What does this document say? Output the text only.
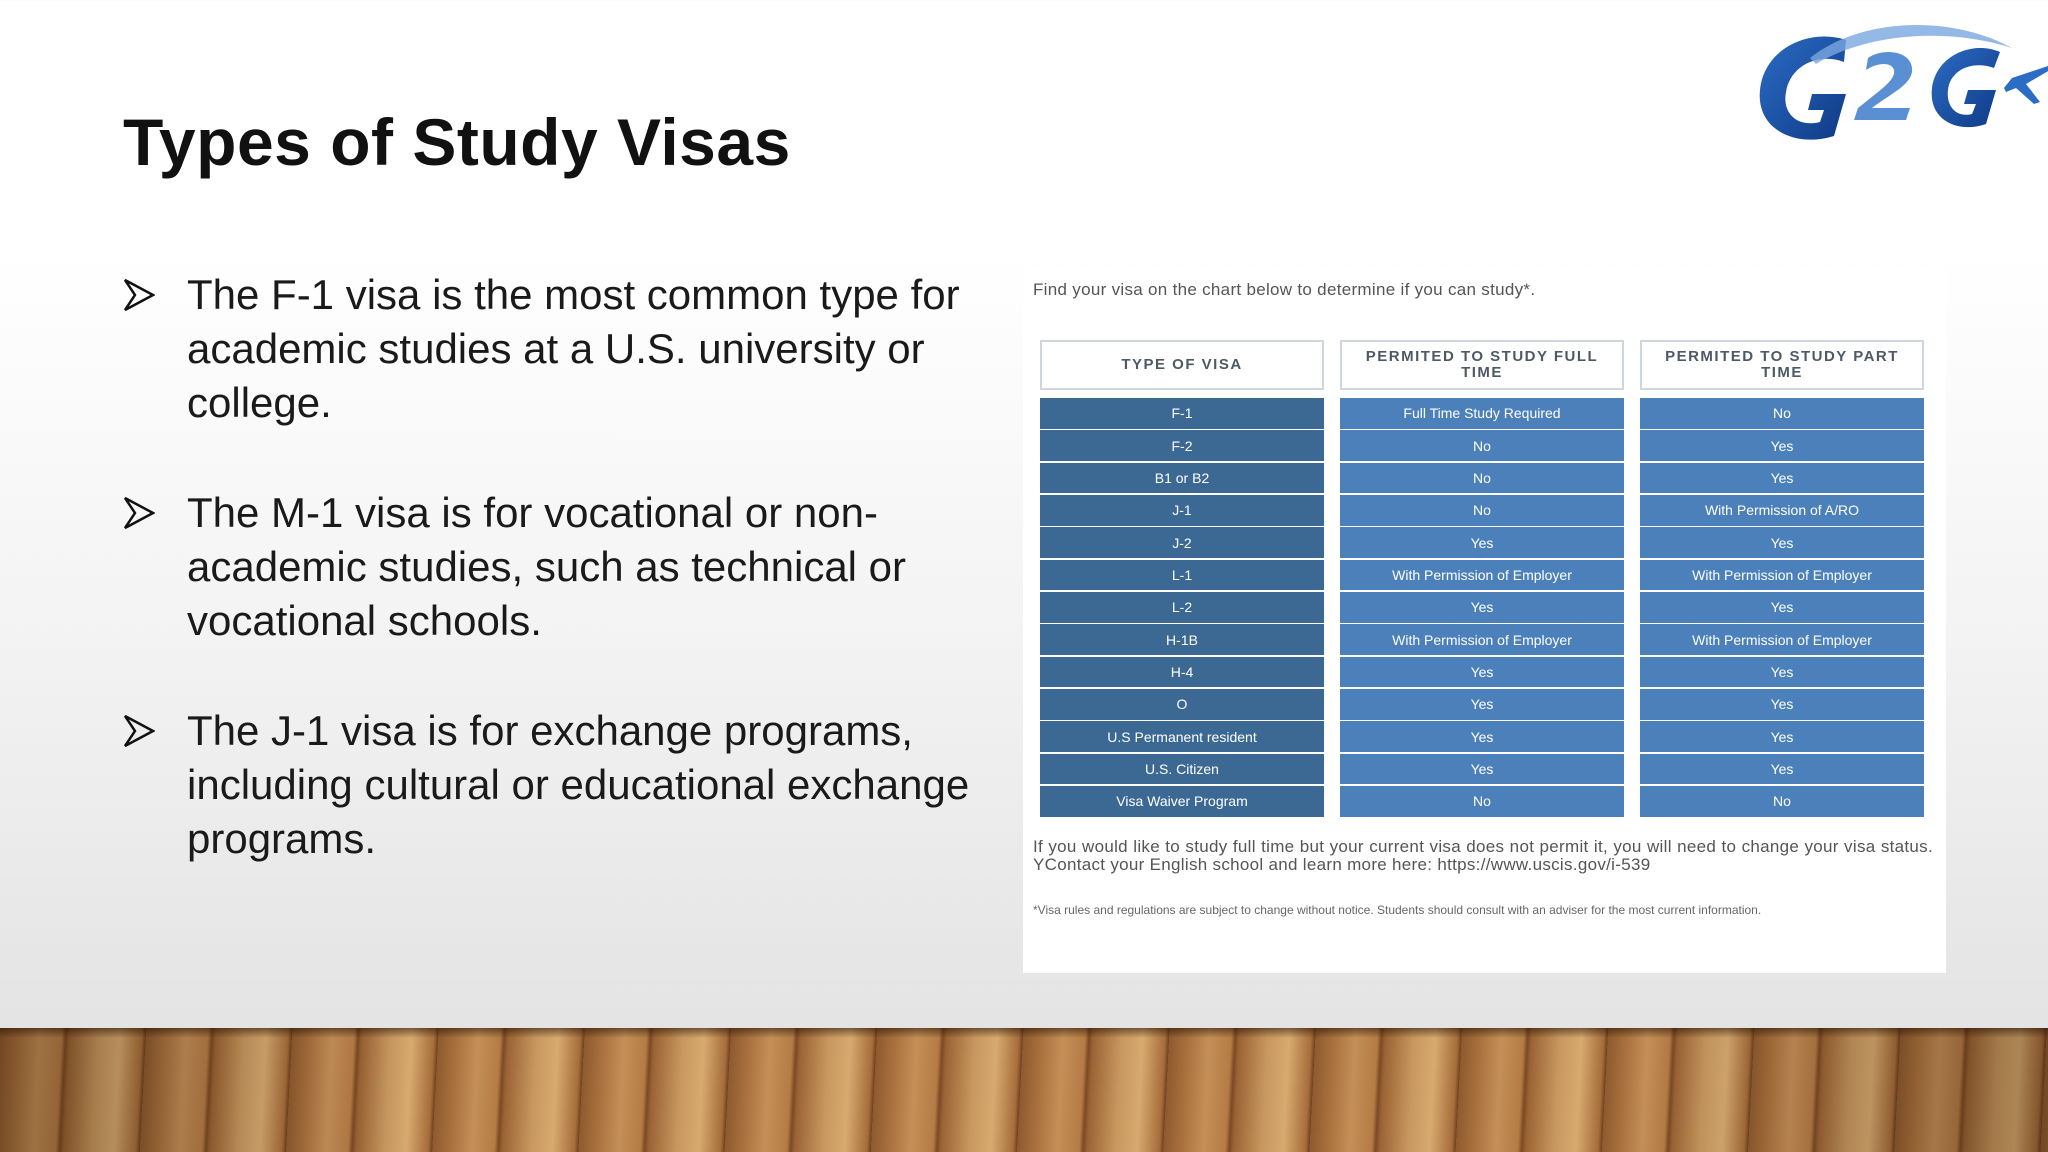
Types of Study Visas
The F-1 visa is the most common type for academic studies at a U.S. university or college.
The M-1 visa is for vocational or non-academic studies, such as technical or vocational schools.
The J-1 visa is for exchange programs, including cultural or educational exchange programs.
Find your visa on the chart below to determine if you can study*.
TYPE OF VISA
F-1
F-2
B1 or B2
J-1
J-2
L-1
L-2
H-1B
H-4
O
U.S Permanent resident
U.S. Citizen
Visa Waiver Program
PERMITED TO STUDY FULL TIME
Full Time Study Required
No
No
No
Yes
With Permission of Employer
Yes
With Permission of Employer
Yes
Yes
Yes
Yes
No
PERMITED TO STUDY PART TIME
No
Yes
Yes
With Permission of A/RO
Yes
With Permission of Employer
Yes
With Permission of Employer
Yes
Yes
Yes
Yes
No
If you would like to study full time but your current visa does not permit it, you will need to change your visa status. YContact your English school and learn more here: https://www.uscis.gov/i-539
*Visa rules and regulations are subject to change without notice. Students should consult with an adviser for the most current information.
